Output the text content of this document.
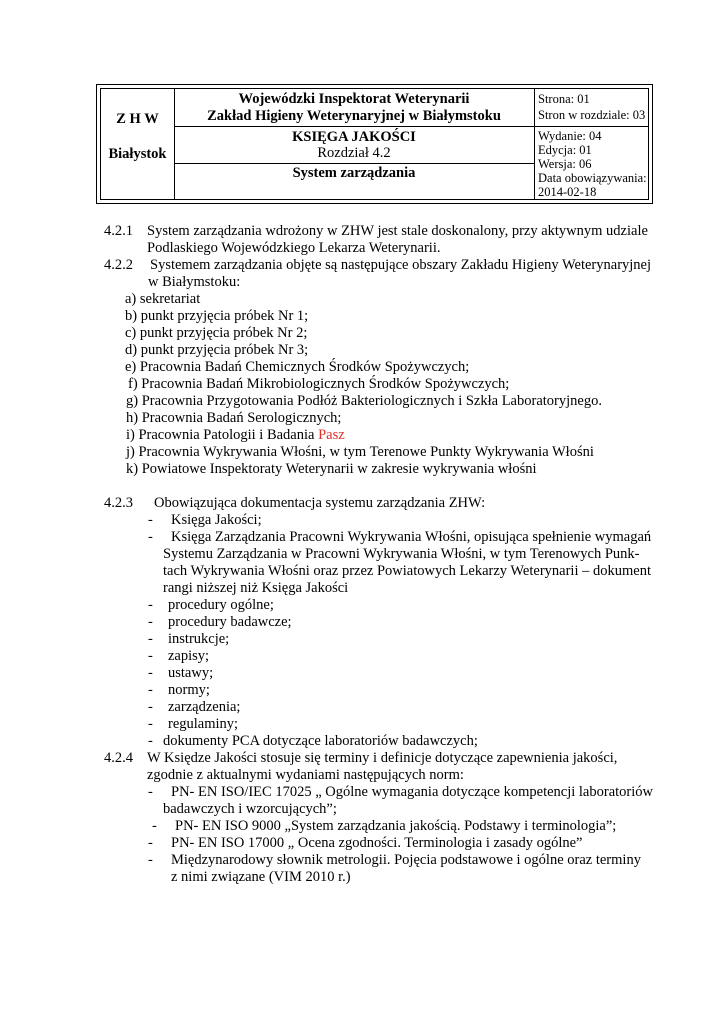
Z H W
Białystok
Wojewódzki Inspektorat Weterynarii
Zakład Higieny Weterynaryjnej w Białymstoku
KSIĘGA JAKOŚCI
Rozdział 4.2
System zarządzania
Strona: 01
Stron w rozdziale: 03
Wydanie: 04
Edycja: 01
Wersja: 06
Data obowiązywania:
2014-02-18
4.2.1 System zarządzania wdrożony w ZHW jest stale doskonalony, przy aktywnym udziale
Podlaskiego Wojewódzkiego Lekarza Weterynarii.
4.2.2 Systemem zarządzania objęte są następujące obszary Zakładu Higieny Weterynaryjnej
w Białymstoku:
a) sekretariat
b) punkt przyjęcia próbek Nr 1;
c) punkt przyjęcia próbek Nr 2;
d) punkt przyjęcia próbek Nr 3;
e) Pracownia Badań Chemicznych Środków Spożywczych;
f) Pracownia Badań Mikrobiologicznych Środków Spożywczych;
g) Pracownia Przygotowania Podłóż Bakteriologicznych i Szkła Laboratoryjnego.
h) Pracownia Badań Serologicznych;
i) Pracownia Patologii i Badania Pasz
j) Pracownia Wykrywania Włośni, w tym Terenowe Punkty Wykrywania Włośni
k) Powiatowe Inspektoraty Weterynarii w zakresie wykrywania włośni
4.2.3 Obowiązująca dokumentacja systemu zarządzania ZHW:
- Księga Jakości;
- Księga Zarządzania Pracowni Wykrywania Włośni, opisująca spełnienie wymagań
Systemu Zarządzania w Pracowni Wykrywania Włośni, w tym Terenowych Punk-
tach Wykrywania Włośni oraz przez Powiatowych Lekarzy Weterynarii – dokument
rangi niższej niż Księga Jakości
- procedury ogólne;
- procedury badawcze;
- instrukcje;
- zapisy;
- ustawy;
- normy;
- zarządzenia;
- regulaminy;
- dokumenty PCA dotyczące laboratoriów badawczych;
4.2.4 W Księdze Jakości stosuje się terminy i definicje dotyczące zapewnienia jakości,
zgodnie z aktualnymi wydaniami następujących norm:
- PN- EN ISO/IEC 17025 „ Ogólne wymagania dotyczące kompetencji laboratoriów
badawczych i wzorcujących”;
- PN- EN ISO 9000 „System zarządzania jakością. Podstawy i terminologia”;
- PN- EN ISO 17000 „ Ocena zgodności. Terminologia i zasady ogólne”
- Międzynarodowy słownik metrologii. Pojęcia podstawowe i ogólne oraz terminy
z nimi związane (VIM 2010 r.)
